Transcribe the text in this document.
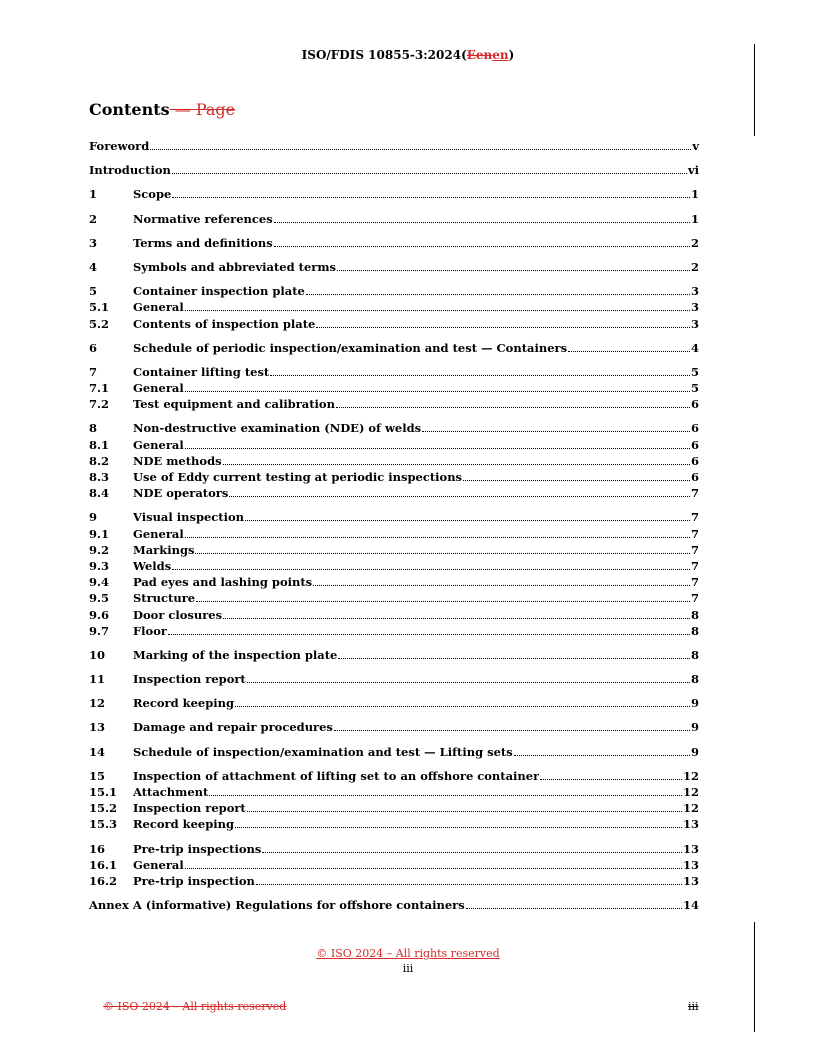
ISO/FDIS 10855-3:2024(Eenen)
Contents — Page
Foreword	v
Introduction	vi
1	Scope	1
2	Normative references	1
3	Terms and definitions	2
4	Symbols and abbreviated terms	2
5	Container inspection plate	3
5.1	General	3
5.2	Contents of inspection plate	3
6	Schedule of periodic inspection/examination and test — Containers	4
7	Container lifting test	5
7.1	General	5
7.2	Test equipment and calibration	6
8	Non-destructive examination (NDE) of welds	6
8.1	General	6
8.2	NDE methods	6
8.3	Use of Eddy current testing at periodic inspections	6
8.4	NDE operators	7
9	Visual inspection	7
9.1	General	7
9.2	Markings	7
9.3	Welds	7
9.4	Pad eyes and lashing points	7
9.5	Structure	7
9.6	Door closures	8
9.7	Floor	8
10	Marking of the inspection plate	8
11	Inspection report	8
12	Record keeping	9
13	Damage and repair procedures	9
14	Schedule of inspection/examination and test — Lifting sets	9
15	Inspection of attachment of lifting set to an offshore container	12
15.1	Attachment	12
15.2	Inspection report	12
15.3	Record keeping	13
16	Pre-trip inspections	13
16.1	General	13
16.2	Pre-trip inspection	13
Annex A (informative) Regulations for offshore containers	14
© ISO 2024 – All rights reserved
iii
© ISO 2024 – All rights reserved	iii
